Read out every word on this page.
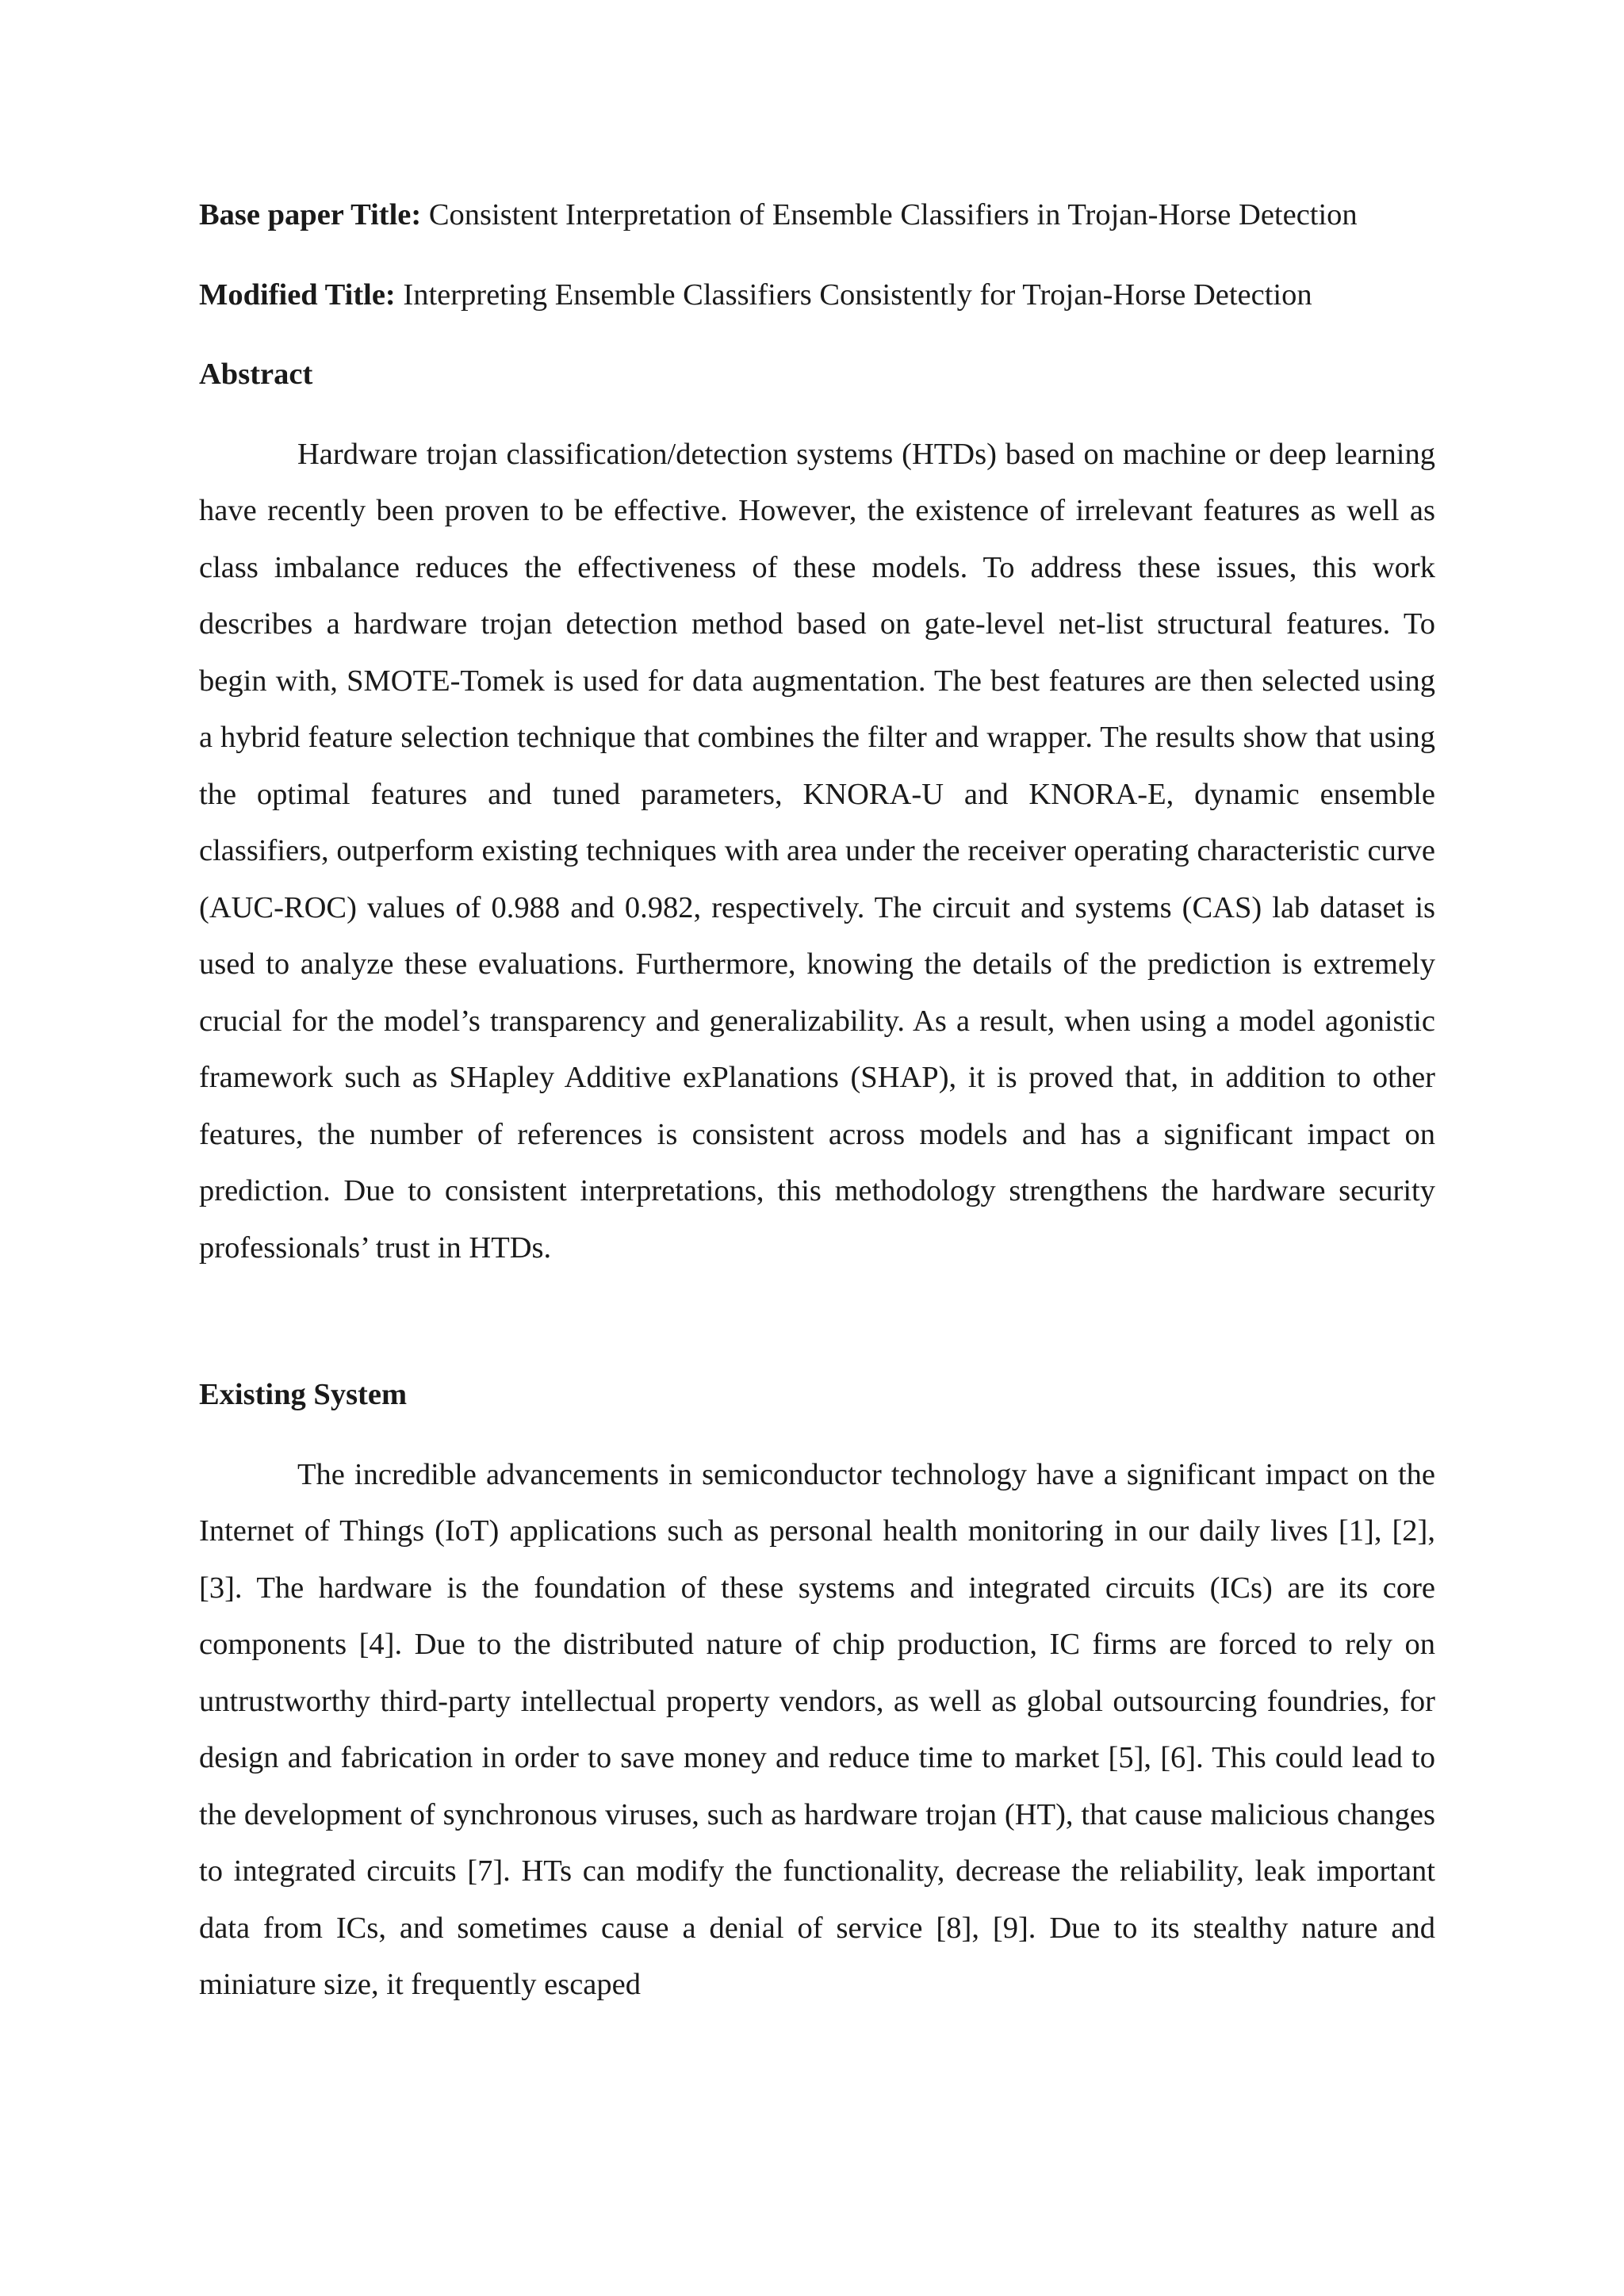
Base paper Title: Consistent Interpretation of Ensemble Classifiers in Trojan-Horse Detection

Modified Title: Interpreting Ensemble Classifiers Consistently for Trojan-Horse Detection

Abstract

Hardware trojan classification/detection systems (HTDs) based on machine or deep learning have recently been proven to be effective. However, the existence of irrelevant features as well as class imbalance reduces the effectiveness of these models. To address these issues, this work describes a hardware trojan detection method based on gate-level net-list structural features. To begin with, SMOTE-Tomek is used for data augmentation. The best features are then selected using a hybrid feature selection technique that combines the filter and wrapper. The results show that using the optimal features and tuned parameters, KNORA-U and KNORA-E, dynamic ensemble classifiers, outperform existing techniques with area under the receiver operating characteristic curve (AUC-ROC) values of 0.988 and 0.982, respectively. The circuit and systems (CAS) lab dataset is used to analyze these evaluations. Furthermore, knowing the details of the prediction is extremely crucial for the model’s transparency and generalizability. As a result, when using a model agonistic framework such as SHapley Additive exPlanations (SHAP), it is proved that, in addition to other features, the number of references is consistent across models and has a significant impact on prediction. Due to consistent interpretations, this methodology strengthens the hardware security professionals’ trust in HTDs.

Existing System

The incredible advancements in semiconductor technology have a significant impact on the Internet of Things (IoT) applications such as personal health monitoring in our daily lives [1], [2], [3]. The hardware is the foundation of these systems and integrated circuits (ICs) are its core components [4]. Due to the distributed nature of chip production, IC firms are forced to rely on untrustworthy third-party intellectual property vendors, as well as global outsourcing foundries, for design and fabrication in order to save money and reduce time to market [5], [6]. This could lead to the development of synchronous viruses, such as hardware trojan (HT), that cause malicious changes to integrated circuits [7]. HTs can modify the functionality, decrease the reliability, leak important data from ICs, and sometimes cause a denial of service [8], [9]. Due to its stealthy nature and miniature size, it frequently escaped
